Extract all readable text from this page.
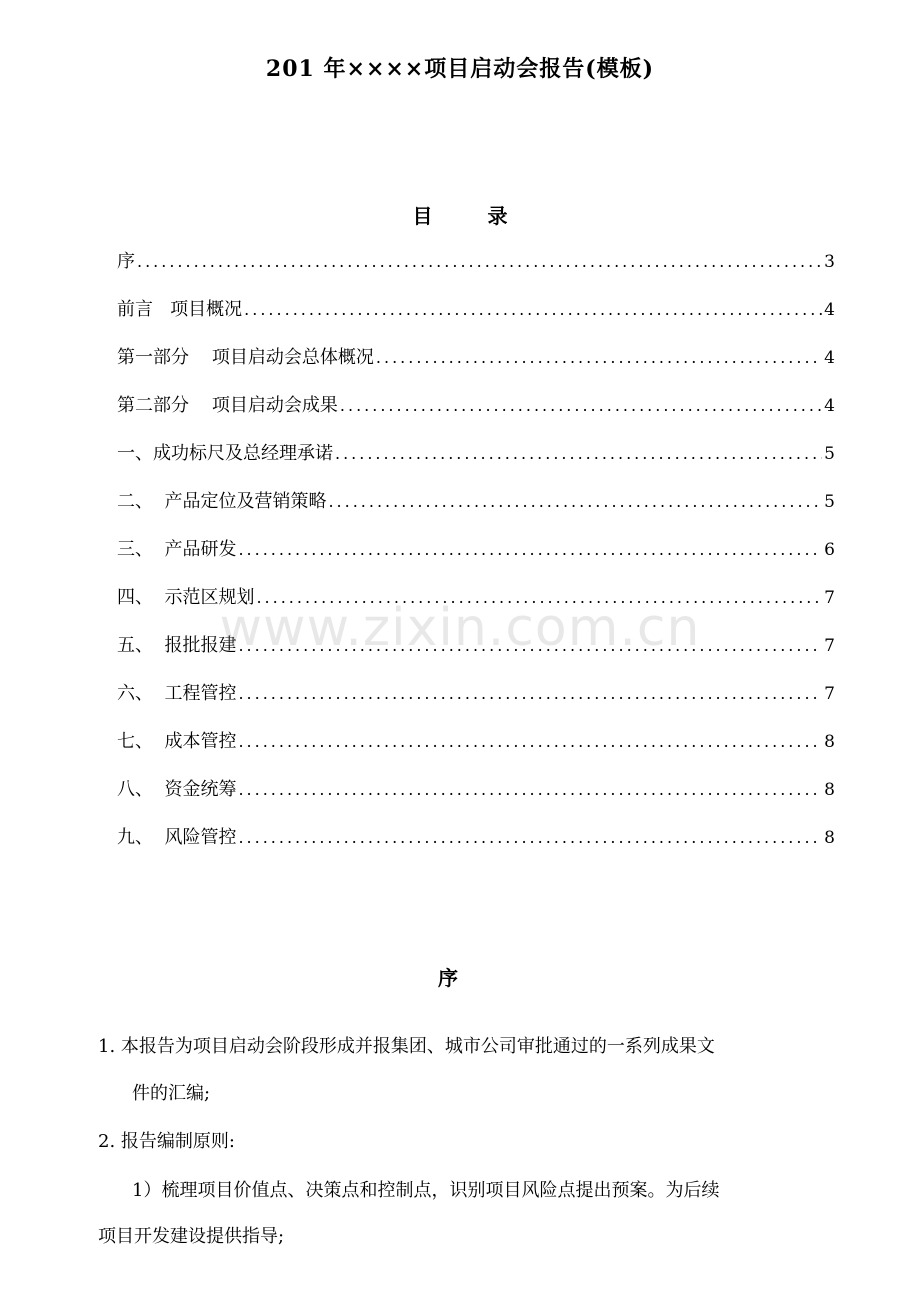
201 年××××项目启动会报告(模板)
目 录
序 .....	3
前言   项目概况 .....	4
第一部分    项目启动会总体概况 .....	4
第二部分    项目启动会成果 .....	4
一、成功标尺及总经理承诺 .....	5
二、  产品定位及营销策略 .....	5
三、  产品研发 .....	6
四、  示范区规划 .....	7
五、  报批报建 .....	7
六、  工程管控 .....	7
七、  成本管控 .....	8
八、  资金统筹 .....	8
九、  风险管控 .....	8
序
1. 本报告为项目启动会阶段形成并报集团、城市公司审批通过的一系列成果文
件的汇编;
2. 报告编制原则:
1）梳理项目价值点、决策点和控制点，识别项目风险点提出预案。为后续
项目开发建设提供指导;
www.zixin.com.cn
